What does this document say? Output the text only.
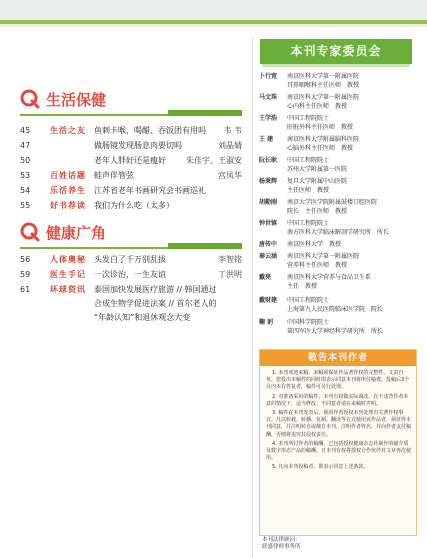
生活保健
45	生活之友	鱼刺卡喉，喝醋、吞饭团有用吗 韦 韦
47	做肠镜发现肠息肉要切吗	刘晶婧
50	老年人胖好还是瘦好	朱佳宇、王淑安
53	百姓话题	蛙声伴管弦	宫凤华
54	乐活养生	江苏省老年书画研究会书画巡礼
55	好书荐读	我们为什么吃（太多）
健康广角
56	人体奥秘	头发白了千万别乱拔	李智铭
59	医生手记	一次诊治，一生友谊	丁洪明
61	环球资讯	泰国加快发展医疗旅游 // 韩国通过
合成生物学促进法案 // 首尔老人的
“年龄认知”和退休观念大变
本刊专家委员会
卜行宽	南京医科大学第一附属医院
耳鼻咽喉科主任医师　教授
马文珠	南京医科大学第一附属医院
心内科主任医师　教授
王学浩	中国工程院院士
肝脏外科主任医师　教授
王 建	南京医科大学附属脑科医院
心脑外科主任医师　教授
阮长耿	中国工程院院士
苏州大学附属第一医院
杨秉辉	复旦大学附属中山医院
主任医师　教授
胡勤刚	南京大学医学院附属鼓楼口腔医院
院长　主任医师　教授
钟世镇	中国工程院院士
南方医科大学临床解剖学研究所　所长
唐传中	南京医科大学　教授
秦云涵	南京医科大学第一附属医院
营养科主任医师　教授
戴亮	南京医科大学营养与食品卫生系
主任　教授
戴财建	中国工程院院士
上海第九人民医院临床医学院　院长
鞠 躬	中国科学院院士
第四军医大学神经科学研究所　所长
敬告本刊作者

1. 本刊欢迎来稿，来稿须保证作品著作权的完整性、文责自负。您投出本稿件的同时即表示同意本刊将所付稿费。投稿后3个月内未有答复者，稿件可另行处理。

2. 对准备采用的稿件，本刊有权做实际调改。在不违背作者本意的情况下，适当修改。不同意者请在来稿时声明。

3. 稿件在本刊发表后，视同作者授权本刊处理有关著作权事宜。凡以转载、转播、复制、翻译等方式使用该作品者，须征得本刊同意，并注明转自或摘自本刊，注明作者姓名，并向作者支付稿酬，否则将追究其侵权责任。

4. 本刊所付作者的稿酬，已包括授权健康杂志社制作的磁介质及数字形态产品的稿酬。且本刊有权将授权合作伙伴对文章再次使用。

5. 凡向本刊投稿者，即表示同意上述条款。

本刊法律顾问：
联盛律师事务所
